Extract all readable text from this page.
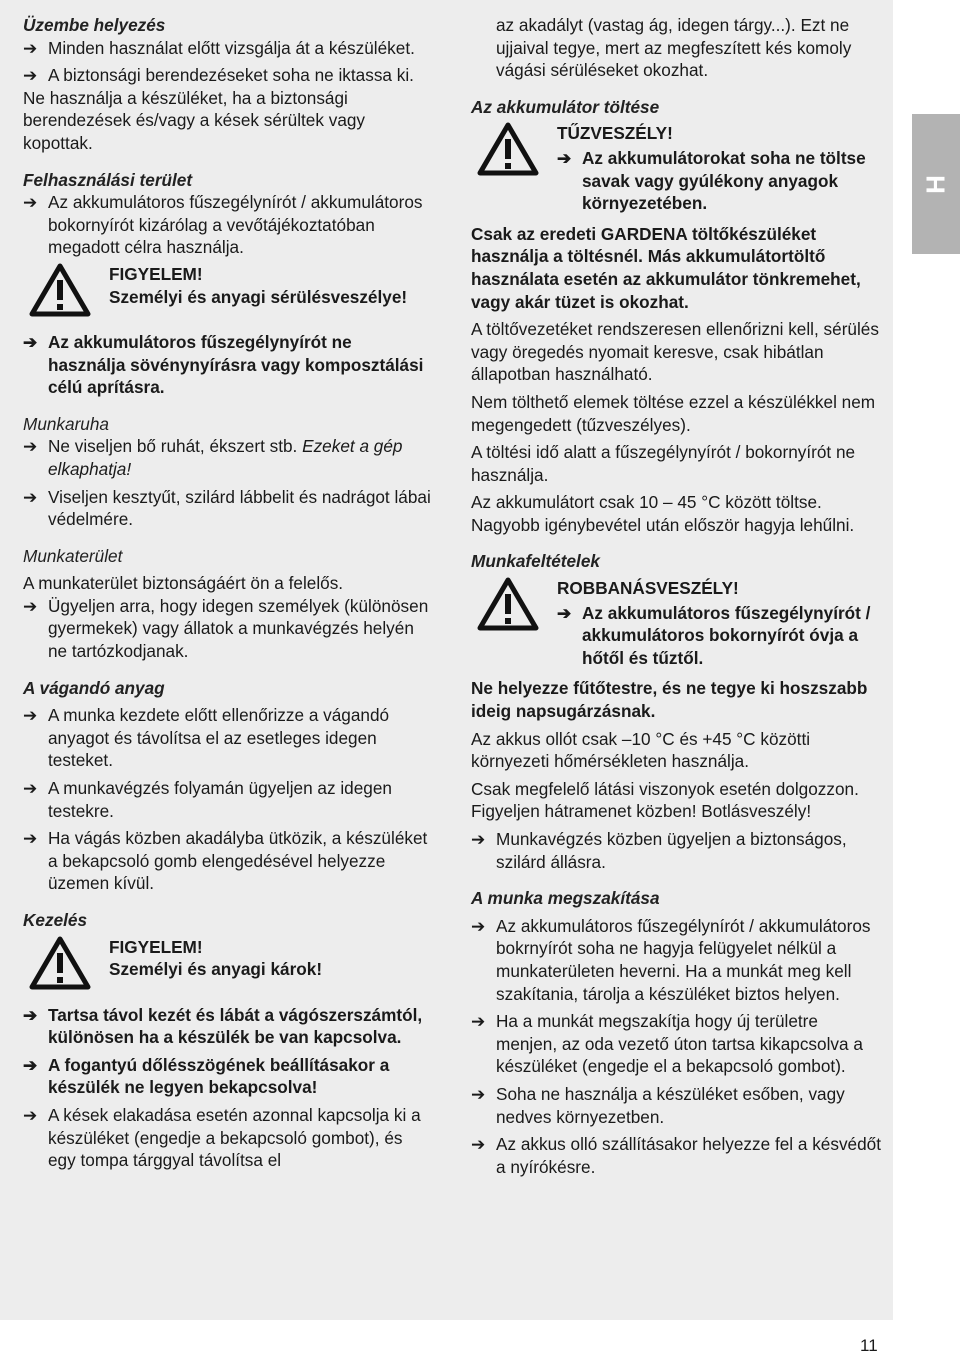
Üzembe helyezés

➔ Minden használat előtt vizsgálja át a készüléket.

➔ A biztonsági berendezéseket soha ne iktassa ki.

Ne használja a készüléket, ha a biztonsági berendezések és/vagy a kések sérültek vagy kopottak.

Felhasználási terület

➔ Az akkumulátoros fűszegélynírót / akkumulátoros bokornyírót kizárólag a vevőtájékoztatóban megadott célra használja.

FIGYELEM!

Személyi és anyagi sérülésveszélye!

➔ Az akkumulátoros fűszegélynyírót ne használja sövénynyírásra vagy komposztálási célú aprításra.

Munkaruha

➔ Ne viseljen bő ruhát, ékszert stb. Ezeket a gép elkaphatja!

➔ Viseljen kesztyűt, szilárd lábbelit és nadrágot lábai védelmére.

Munkaterület

A munkaterület biztonságáért ön a felelős.

➔ Ügyeljen arra, hogy idegen személyek (különösen gyermekek) vagy állatok a munkavégzés helyén ne tartózkodjanak.

A vágandó anyag

➔ A munka kezdete előtt ellenőrizze a vágandó anyagot és távolítsa el az esetleges idegen testeket.

➔ A munkavégzés folyamán ügyeljen az idegen testekre.

➔ Ha vágás közben akadályba ütközik, a készüléket a bekapcsoló gomb elengedésével helyezze üzemen kívül.

Kezelés

FIGYELEM!

Személyi és anyagi károk!

➔ Tartsa távol kezét és lábát a vágószerszámtól, különösen ha a készülék be van kapcsolva.

➔ A fogantyú dőlésszögének beállításakor a készülék ne legyen bekapcsolva!

➔ A kések elakadása esetén azonnal kapcsolja ki a készüléket (engedje a bekapcsoló gombot), és egy tompa tárggyal távolítsa el

az akadályt (vastag ág, idegen tárgy...). Ezt ne ujjaival tegye, mert az megfeszített kés komoly vágási sérüléseket okozhat.

Az akkumulátor töltése

TŰZVESZÉLY!

➔ Az akkumulátorokat soha ne töltse savak vagy gyúlékony anyagok környezetében.

Csak az eredeti GARDENA töltőkészüléket használja a töltésnél. Más akkumulátortöltő használata esetén az akkumulátor tönkremehet, vagy akár tüzet is okozhat.

A töltővezetéket rendszeresen ellenőrizni kell, sérülés vagy öregedés nyomait keresve, csak hibátlan állapotban használható.

Nem tölthető elemek töltése ezzel a készülékkel nem megengedett (tűzveszélyes).

A töltési idő alatt a fűszegélynyírót / bokornyírót ne használja.

Az akkumulátort csak 10 – 45 °C között töltse. Nagyobb igénybevétel után először hagyja lehűlni.

Munkafeltételek

ROBBANÁSVESZÉLY!

➔ Az akkumulátoros fűszegélynyírót / akkumulátoros bokornyírót óvja a hőtől és tűztől.

Ne helyezze fűtőtestre, és ne tegye ki hoszszabb ideig napsugárzásnak.

Az akkus ollót csak –10 °C és +45 °C közötti környezeti hőmérsékleten használja.

Csak megfelelő látási viszonyok esetén dolgozzon.

Figyeljen hátramenet közben! Botlásveszély!

➔ Munkavégzés közben ügyeljen a biztonságos, szilárd állásra.

A munka megszakítása

➔ Az akkumulátoros fűszegélynírót / akkumulátoros bokrnyírót soha ne hagyja felügyelet nélkül a munkaterületen heverni. Ha a munkát meg kell szakítania, tárolja a készüléket biztos helyen.

➔ Ha a munkát megszakítja hogy új területre menjen, az oda vezető úton tartsa kikapcsolva a készüléket (engedje el a bekapcsoló gombot).

➔ Soha ne használja a készüléket esőben, vagy nedves környezetben.

➔ Az akkus olló szállításakor helyezze fel a késvédőt a nyírókésre.

H
11
